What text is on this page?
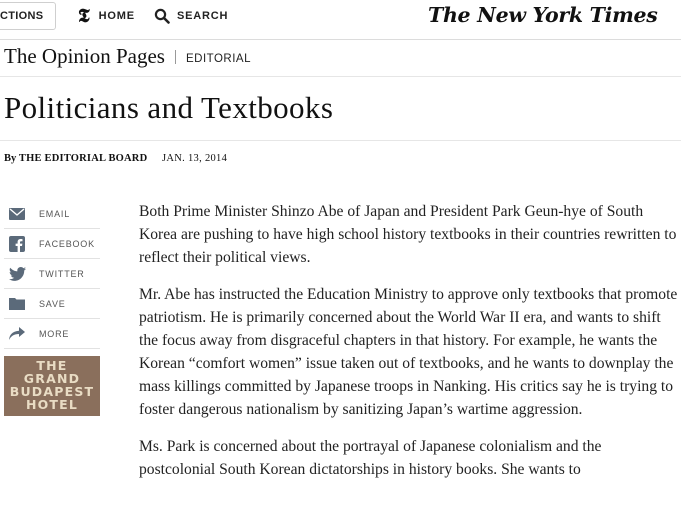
CTIONS 𝕿 HOME	SEARCH	The New York Times
The Opinion Pages EDITORIAL
Politicians and Textbooks
By THE EDITORIAL BOARD JAN. 13, 2014
EMAIL
FACEBOOK
TWITTER
SAVE
MORE
THE
GRAND
BUDAPEST
HOTEL

Both Prime Minister Shinzo Abe of Japan and President Park Geun-hye of South Korea are pushing to have high school history textbooks in their countries rewritten to reflect their political views.

Mr. Abe has instructed the Education Ministry to approve only textbooks that promote patriotism. He is primarily concerned about the World War II era, and wants to shift the focus away from disgraceful chapters in that history. For example, he wants the Korean “comfort women” issue taken out of textbooks, and he wants to downplay the mass killings committed by Japanese troops in Nanking. His critics say he is trying to foster dangerous nationalism by sanitizing Japan’s wartime aggression.

Ms. Park is concerned about the portrayal of Japanese colonialism and the postcolonial South Korean dictatorships in history books. She wants to
